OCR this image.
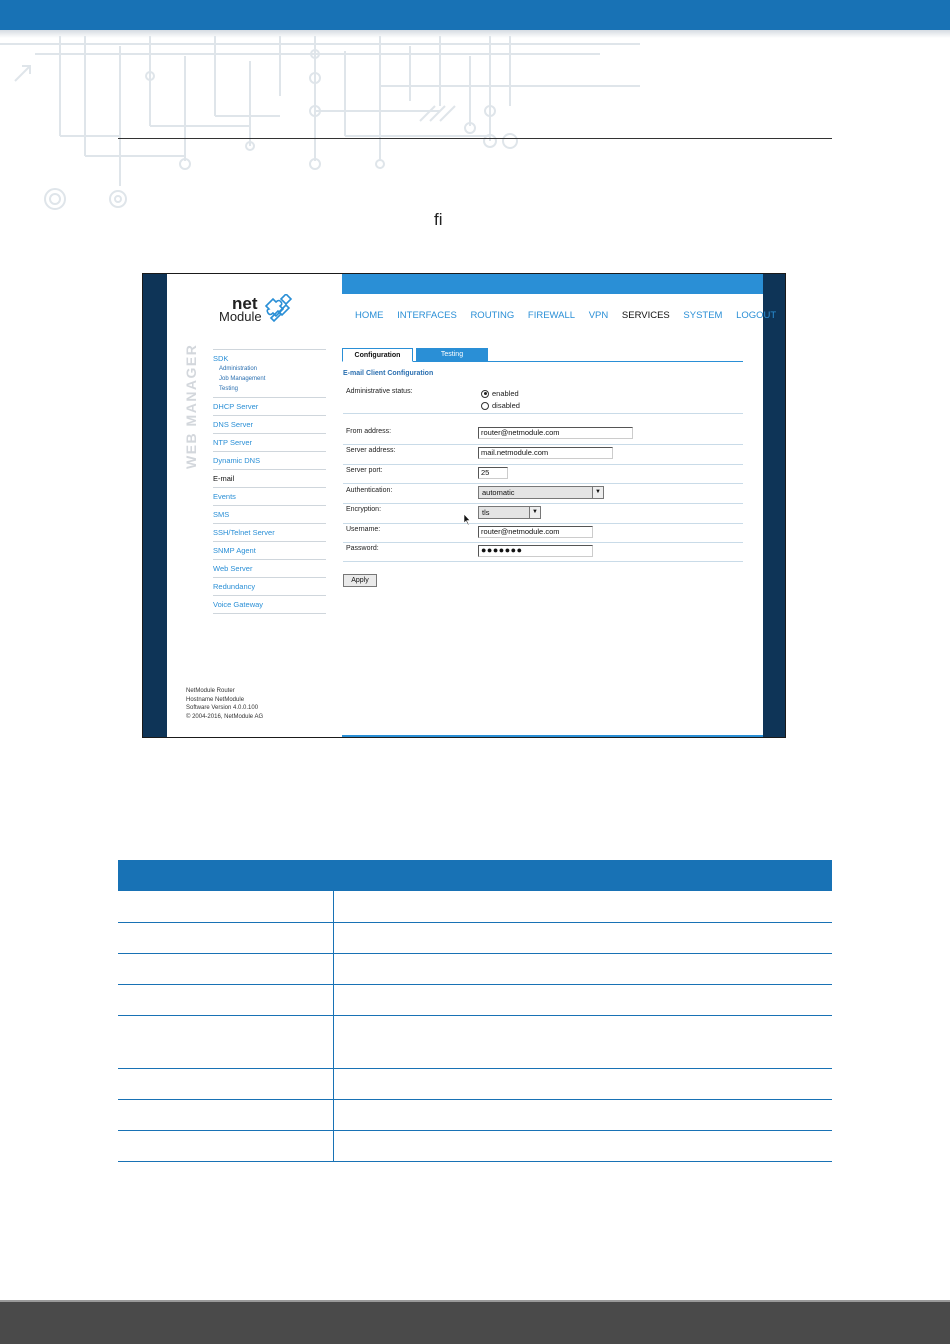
fi
net
Module
WEB MANAGER SDK
Administration
Job Management
Testing
DHCP Server
DNS Server
NTP Server
Dynamic DNS
E-mail
Events
SMS
SSH/Telnet Server
SNMP Agent
Web Server
Redundancy
Voice Gateway
NetModule Router
Hostname NetModule
Software Version 4.0.0.100
© 2004-2016, NetModule AG
HOME INTERFACES ROUTING FIREWALL VPN SERVICES SYSTEM LOGOUT
Configuration	Testing
E-mail Client Configuration
Administrative status:	enabled
disabled
From address:	router@netmodule.com
Server address:	mail.netmodule.com
Server port:	25
Authentication:	automatic	▼
Encryption:	tls	▼
Username:	router@netmodule.com
Password:	●●●●●●●
Apply
